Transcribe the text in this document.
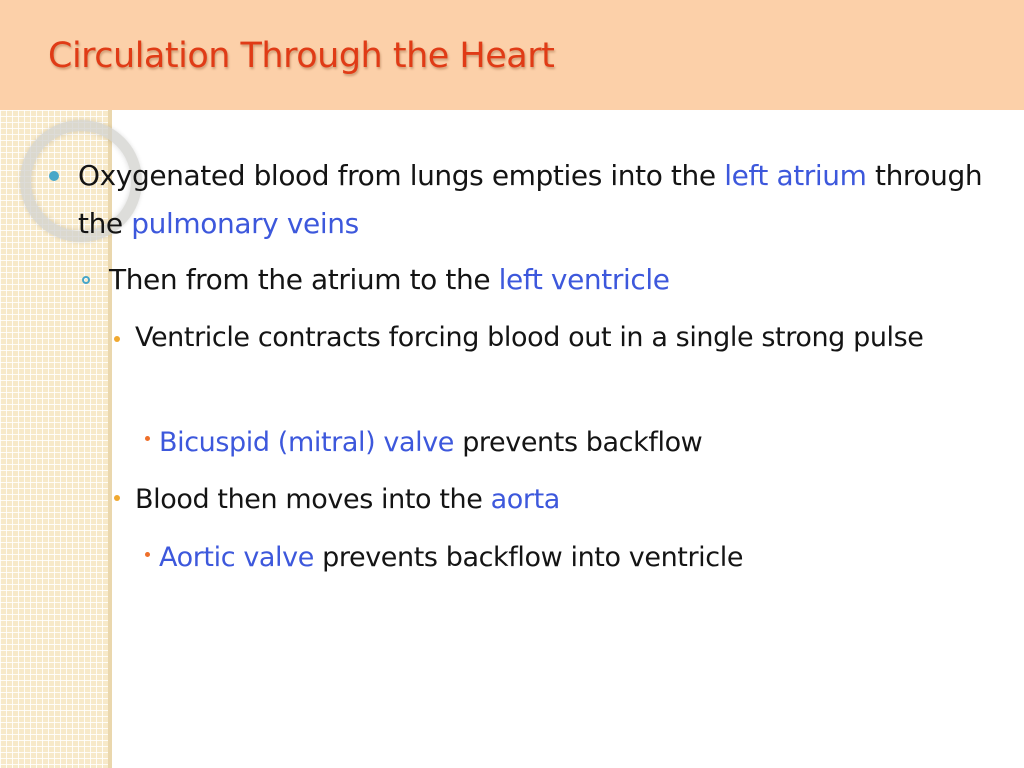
Circulation Through the Heart
Oxygenated blood from lungs empties into the left atrium through the pulmonary veins
Then from the atrium to the left ventricle
Ventricle contracts forcing blood out in a single strong pulse
Bicuspid (mitral) valve prevents backflow
Blood then moves into the aorta
Aortic valve prevents backflow into ventricle
